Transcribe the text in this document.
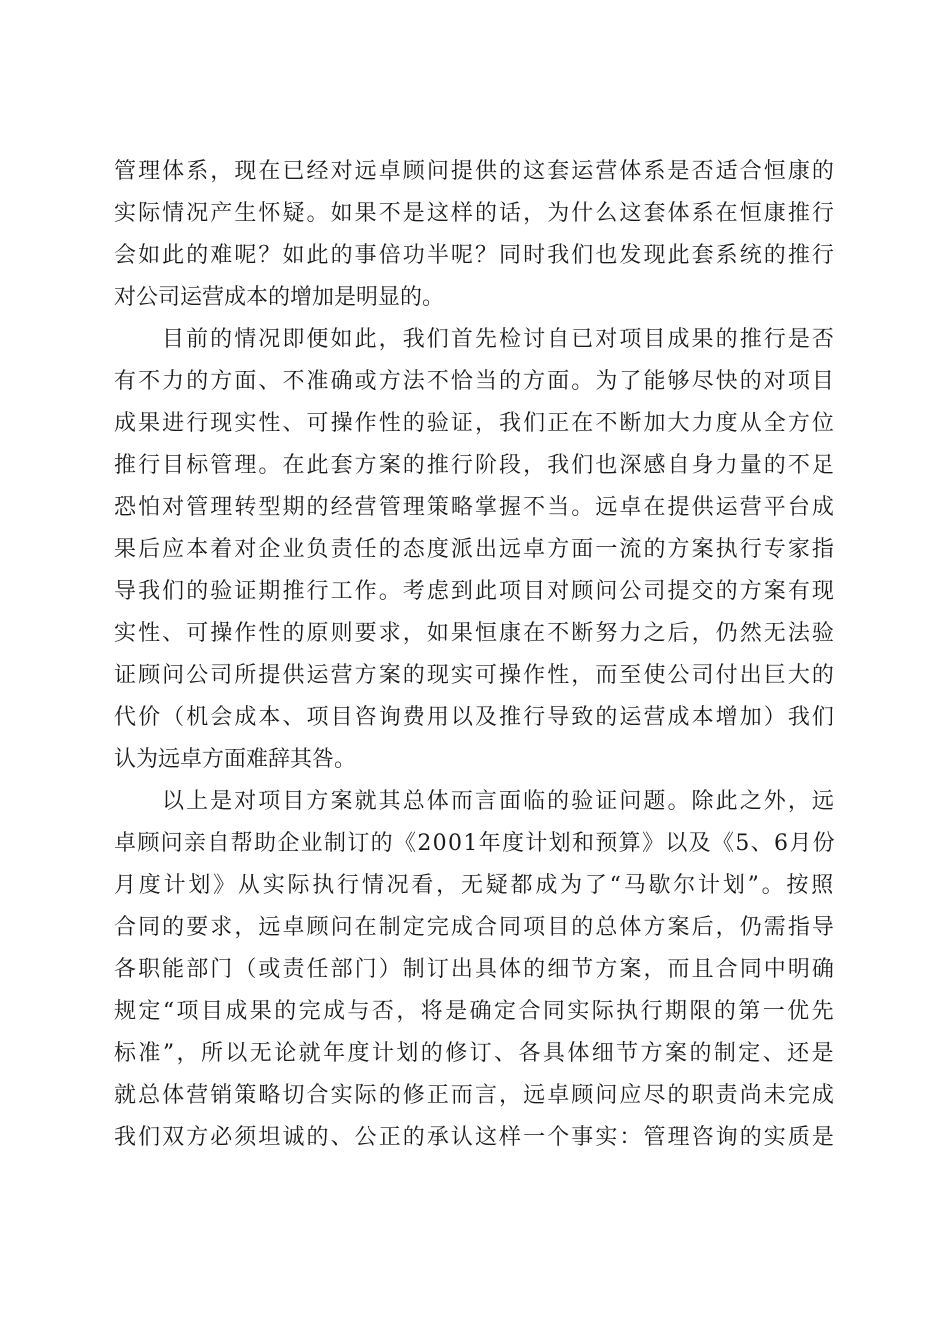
管理体系，现在已经对远卓顾问提供的这套运营体系是否适合恒康的
实际情况产生怀疑。如果不是这样的话，为什么这套体系在恒康推行
会如此的难呢？如此的事倍功半呢？同时我们也发现此套系统的推行
对公司运营成本的增加是明显的。
目前的情况即便如此，我们首先检讨自已对项目成果的推行是否
有不力的方面、不准确或方法不恰当的方面。为了能够尽快的对项目
成果进行现实性、可操作性的验证，我们正在不断加大力度从全方位
推行目标管理。在此套方案的推行阶段，我们也深感自身力量的不足
恐怕对管理转型期的经营管理策略掌握不当。远卓在提供运营平台成
果后应本着对企业负责任的态度派出远卓方面一流的方案执行专家指
导我们的验证期推行工作。考虑到此项目对顾问公司提交的方案有现
实性、可操作性的原则要求，如果恒康在不断努力之后，仍然无法验
证顾问公司所提供运营方案的现实可操作性，而至使公司付出巨大的
代价（机会成本、项目咨询费用以及推行导致的运营成本增加）我们
认为远卓方面难辞其咎。
以上是对项目方案就其总体而言面临的验证问题。除此之外，远
卓顾问亲自帮助企业制订的《2001年度计划和预算》以及《5、6月份
月度计划》从实际执行情况看，无疑都成为了“马歇尔计划”。按照
合同的要求，远卓顾问在制定完成合同项目的总体方案后，仍需指导
各职能部门（或责任部门）制订出具体的细节方案，而且合同中明确
规定“项目成果的完成与否，将是确定合同实际执行期限的第一优先
标准”，所以无论就年度计划的修订、各具体细节方案的制定、还是
就总体营销策略切合实际的修正而言，远卓顾问应尽的职责尚未完成
我们双方必须坦诚的、公正的承认这样一个事实：管理咨询的实质是
